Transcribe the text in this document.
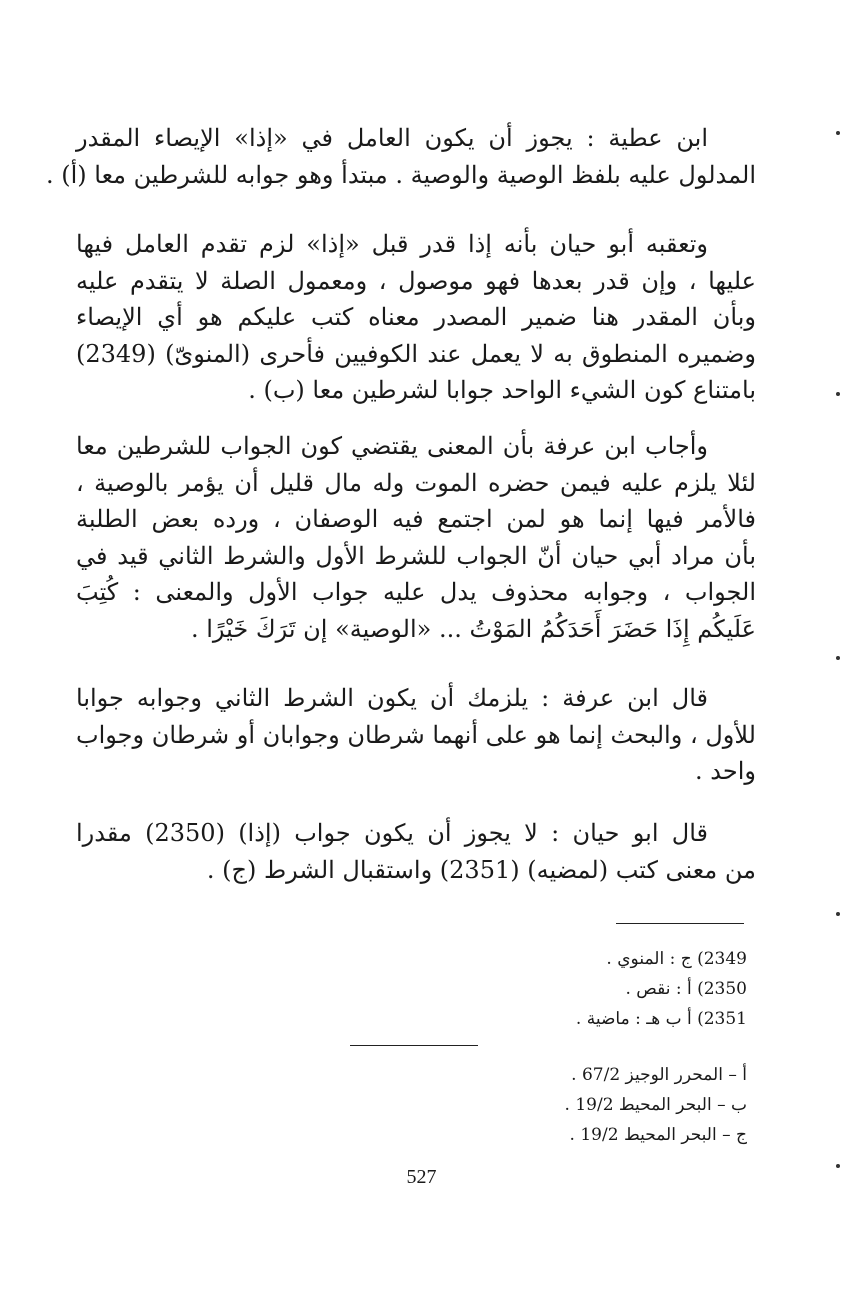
ابن عطية : يجوز أن يكون العامل في «إذا» الإيصاء المقدر
المدلول عليه بلفظ الوصية والوصية . مبتدأ وهو جوابه للشرطين معا (أ) .
وتعقبه أبو حيان بأنه إذا قدر قبل «إذا» لزم تقدم العامل فيها
عليها ، وإن قدر بعدها فهو موصول ، ومعمول الصلة لا يتقدم عليه
وبأن المقدر هنا ضمير المصدر معناه كتب عليكم هو أي الإيصاء
وضميره المنطوق به لا يعمل عند الكوفيين فأحرى (المنوىّ) (2349)
بامتناع كون الشيء الواحد جوابا لشرطين معا (ب) .
وأجاب ابن عرفة بأن المعنى يقتضي كون الجواب للشرطين معا
لئلا يلزم عليه فيمن حضره الموت وله مال قليل أن يؤمر بالوصية ،
فالأمر فيها إنما هو لمن اجتمع فيه الوصفان ، ورده بعض الطلبة
بأن مراد أبي حيان أنّ الجواب للشرط الأول والشرط الثاني قيد في
الجواب ، وجوابه محذوف يدل عليه جواب الأول والمعنى : كُتِبَ
عَلَيكُم إِذَا حَضَرَ أَحَدَكُمُ المَوْتُ ... «الوصية» إن تَرَكَ خَيْرًا .
قال ابن عرفة : يلزمك أن يكون الشرط الثاني وجوابه جوابا
للأول ، والبحث إنما هو على أنهما شرطان وجوابان أو شرطان وجواب
واحد .
قال ابو حيان : لا يجوز أن يكون جواب (إذا) (2350) مقدرا
من معنى كتب (لمضيه) (2351) واستقبال الشرط (ج) .
2349) ج : المنوي .
2350) أ : نقص .
2351) أ ب هـ : ماضية .
أ – المحرر الوجيز 67/2 .
ب – البحر المحيط 19/2 .
ج – البحر المحيط 19/2 .
527
